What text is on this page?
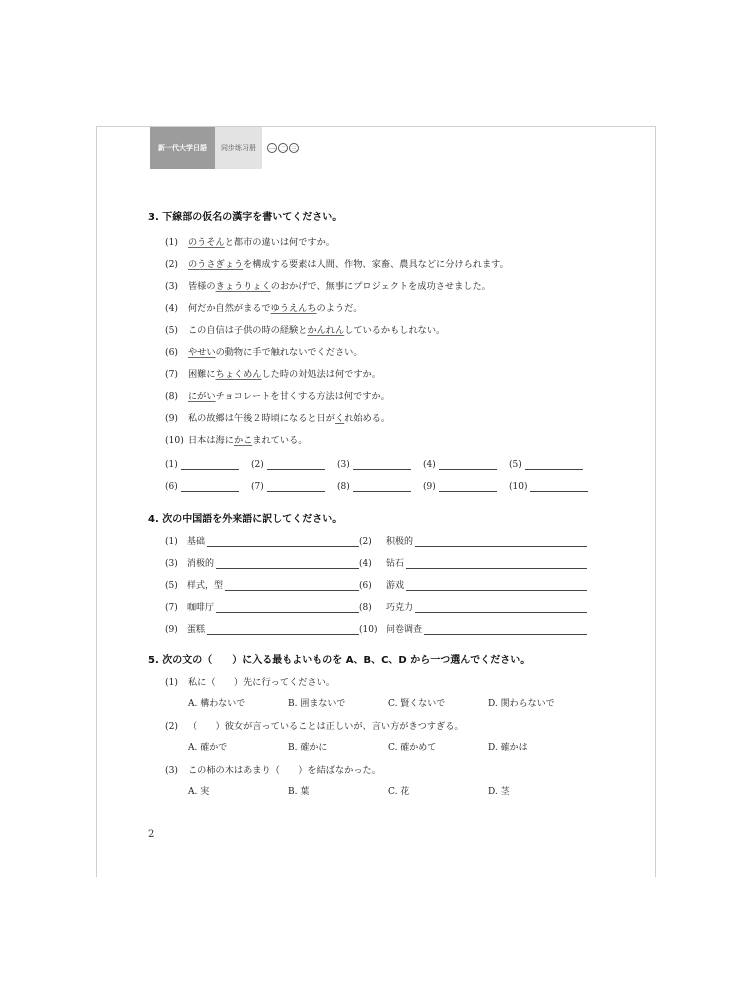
新一代大学日語	同步练习册	一 二 三
3. 下線部の仮名の漢字を書いてください。
(1) のうそんと都市の違いは何ですか。
(2) のうさぎょうを構成する要素は人間、作物、家畜、農具などに分けられます。
(3) 皆様のきょうりょくのおかげで、無事にプロジェクトを成功させました。
(4) 何だか自然がまるでゆうえんちのようだ。
(5) この自信は子供の時の経験とかんれんしているかもしれない。
(6) やせいの動物に手で触れないでください。
(7) 困難にちょくめんした時の対処法は何ですか。
(8) にがいチョコレートを甘くする方法は何ですか。
(9) 私の故郷は午後２時頃になると日がくれ始める。
(10) 日本は海にかこまれている。
(1)	(2)	(3)	(4)	(5)
(6)	(7)	(8)	(9)	(10)
4. 次の中国語を外来語に訳してください。
(1)	基础	(2)	积极的
(3)	消极的	(4)	钻石
(5)	样式，型	(6)	游戏
(7)	咖啡厅	(8)	巧克力
(9)	蛋糕	(10) 问卷调查
5. 次の文の（　　）に入る最もよいものを A、B、C、D から一つ選んでください。
(1) 私に（　　）先に行ってください。
A. 構わないで	B. 囲まないで	C. 賢くないで	D. 関わらないで
(2) （　　）彼女が言っていることは正しいが、言い方がきつすぎる。
A. 確かで	B. 確かに	C. 確かめて	D. 確かは
(3) この柿の木はあまり（　　）を結ばなかった。
A. 実	B. 葉	C. 花	D. 茎
2
